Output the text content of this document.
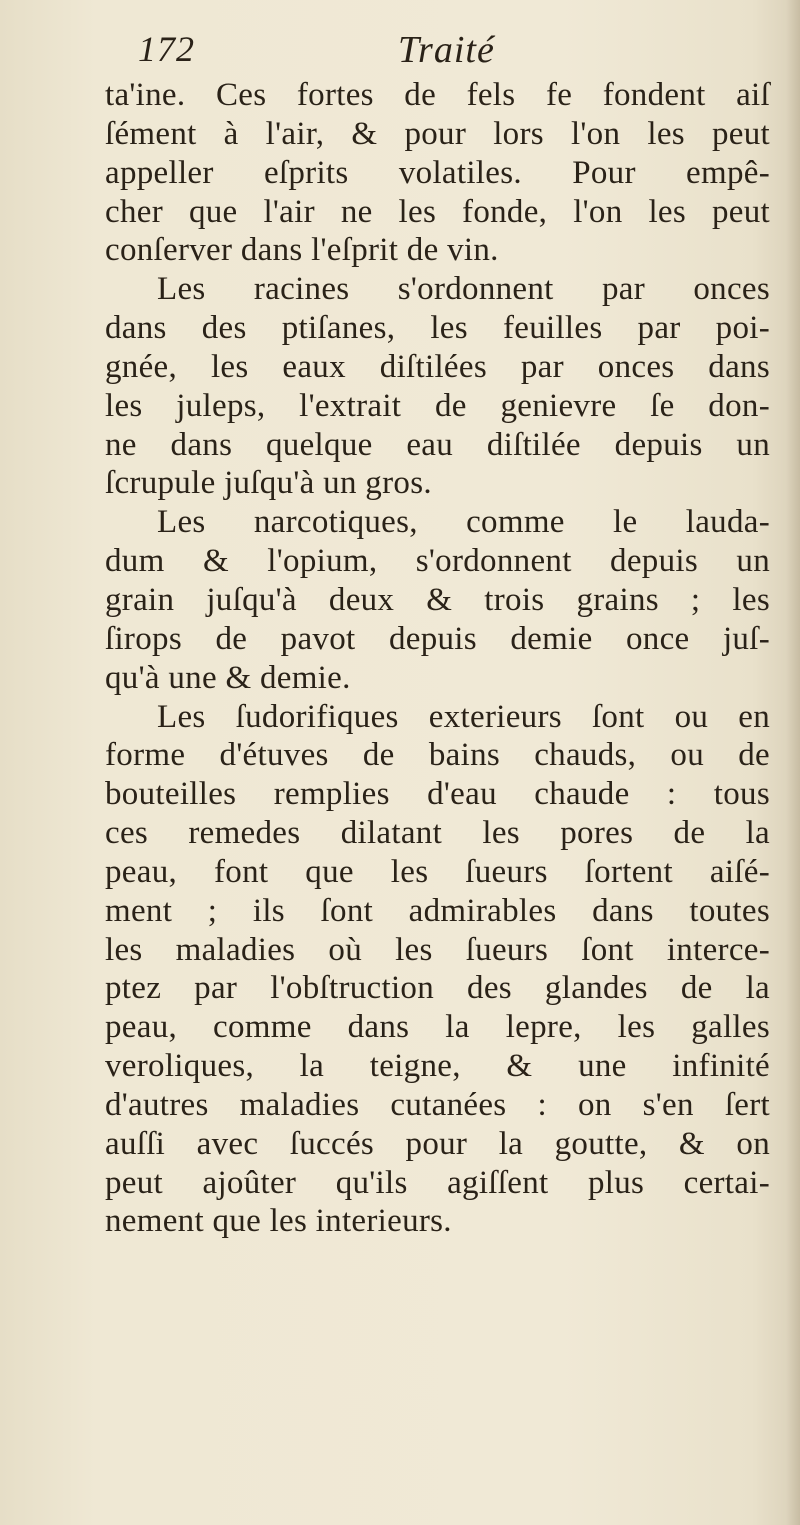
172	Traité
ta'ine. Ces fortes de fels fe fondent aiſ
ſément à l'air, & pour lors l'on les peut
appeller eſprits volatiles. Pour empê-
cher que l'air ne les fonde, l'on les peut
conſerver dans l'eſprit de vin.
Les racines s'ordonnent par onces
dans des ptiſanes, les feuilles par poi-
gnée, les eaux diſtilées par onces dans
les juleps, l'extrait de genievre ſe don-
ne dans quelque eau diſtilée depuis un
ſcrupule juſqu'à un gros.
Les narcotiques, comme le lauda-
dum & l'opium, s'ordonnent depuis un
grain juſqu'à deux & trois grains ; les
ſirops de pavot depuis demie once juſ-
qu'à une & demie.
Les ſudorifiques exterieurs ſont ou en
forme d'étuves de bains chauds, ou de
bouteilles remplies d'eau chaude : tous
ces remedes dilatant les pores de la
peau, font que les ſueurs ſortent aiſé-
ment ; ils ſont admirables dans toutes
les maladies où les ſueurs ſont interce-
ptez par l'obſtruction des glandes de la
peau, comme dans la lepre, les galles
veroliques, la teigne, & une infinité
d'autres maladies cutanées : on s'en ſert
auſſi avec ſuccés pour la goutte, & on
peut ajoûter qu'ils agiſſent plus certai-
nement que les interieurs.
